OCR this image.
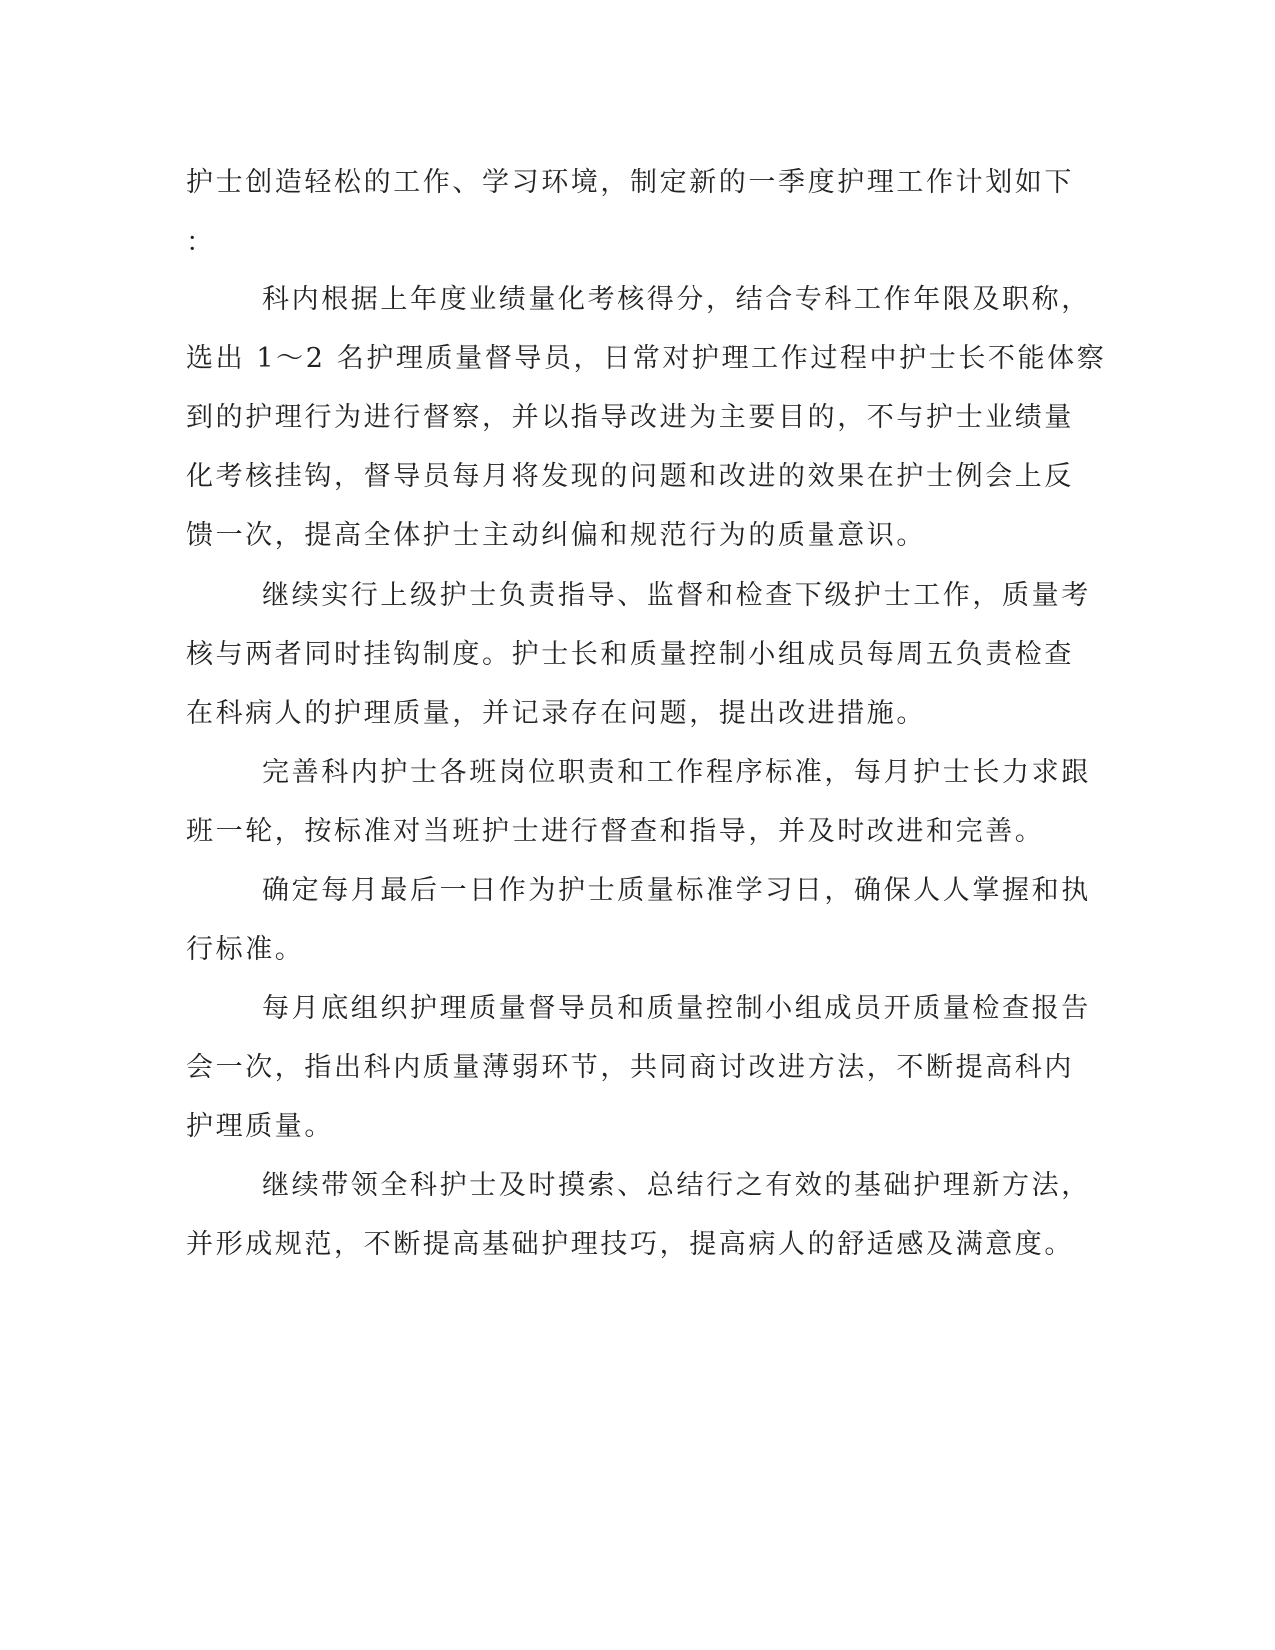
护士创造轻松的工作、学习环境，制定新的一季度护理工作计划如下
：
科内根据上年度业绩量化考核得分，结合专科工作年限及职称，
选出 1～2 名护理质量督导员，日常对护理工作过程中护士长不能体察
到的护理行为进行督察，并以指导改进为主要目的，不与护士业绩量
化考核挂钩，督导员每月将发现的问题和改进的效果在护士例会上反
馈一次，提高全体护士主动纠偏和规范行为的质量意识。
继续实行上级护士负责指导、监督和检查下级护士工作，质量考
核与两者同时挂钩制度。护士长和质量控制小组成员每周五负责检查
在科病人的护理质量，并记录存在问题，提出改进措施。
完善科内护士各班岗位职责和工作程序标准，每月护士长力求跟
班一轮，按标准对当班护士进行督查和指导，并及时改进和完善。
确定每月最后一日作为护士质量标准学习日，确保人人掌握和执
行标准。
每月底组织护理质量督导员和质量控制小组成员开质量检查报告
会一次，指出科内质量薄弱环节，共同商讨改进方法，不断提高科内
护理质量。
继续带领全科护士及时摸索、总结行之有效的基础护理新方法，
并形成规范，不断提高基础护理技巧，提高病人的舒适感及满意度。
